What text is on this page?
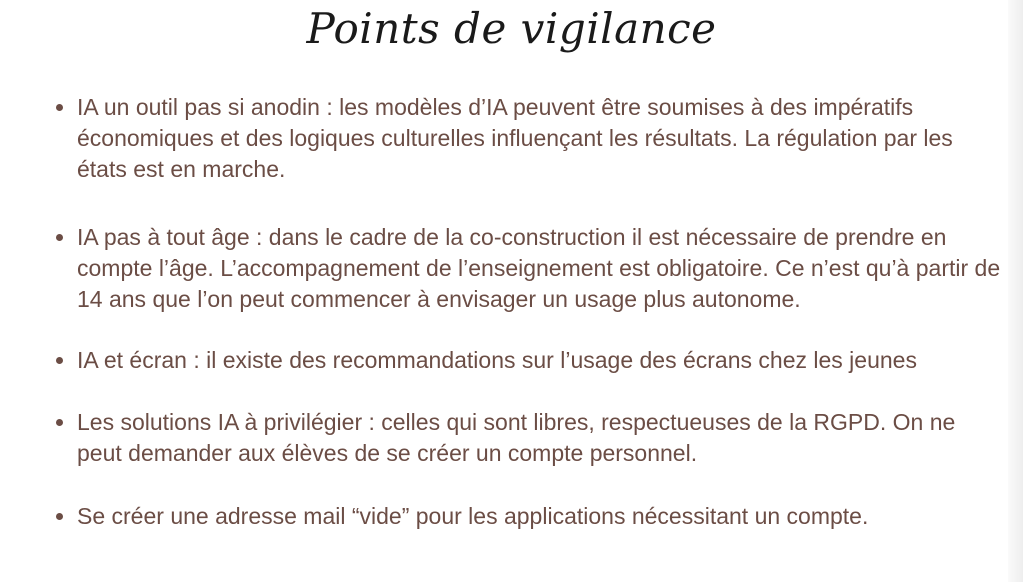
Points de vigilance
IA un outil pas si anodin : les modèles d’IA peuvent être soumises à des impératifs économiques et des logiques culturelles influençant les résultats. La régulation par les états est en marche.
IA pas à tout âge : dans le cadre de la co-construction il est nécessaire de prendre en compte l’âge. L’accompagnement de l’enseignement est obligatoire. Ce n’est qu’à partir de 14 ans que l’on peut commencer à envisager un usage plus autonome.
IA et écran : il existe des recommandations sur l’usage des écrans chez les jeunes
Les solutions IA à privilégier : celles qui sont libres, respectueuses de la RGPD. On ne peut demander aux élèves de se créer un compte personnel.
Se créer une adresse mail “vide” pour les applications nécessitant un compte.
